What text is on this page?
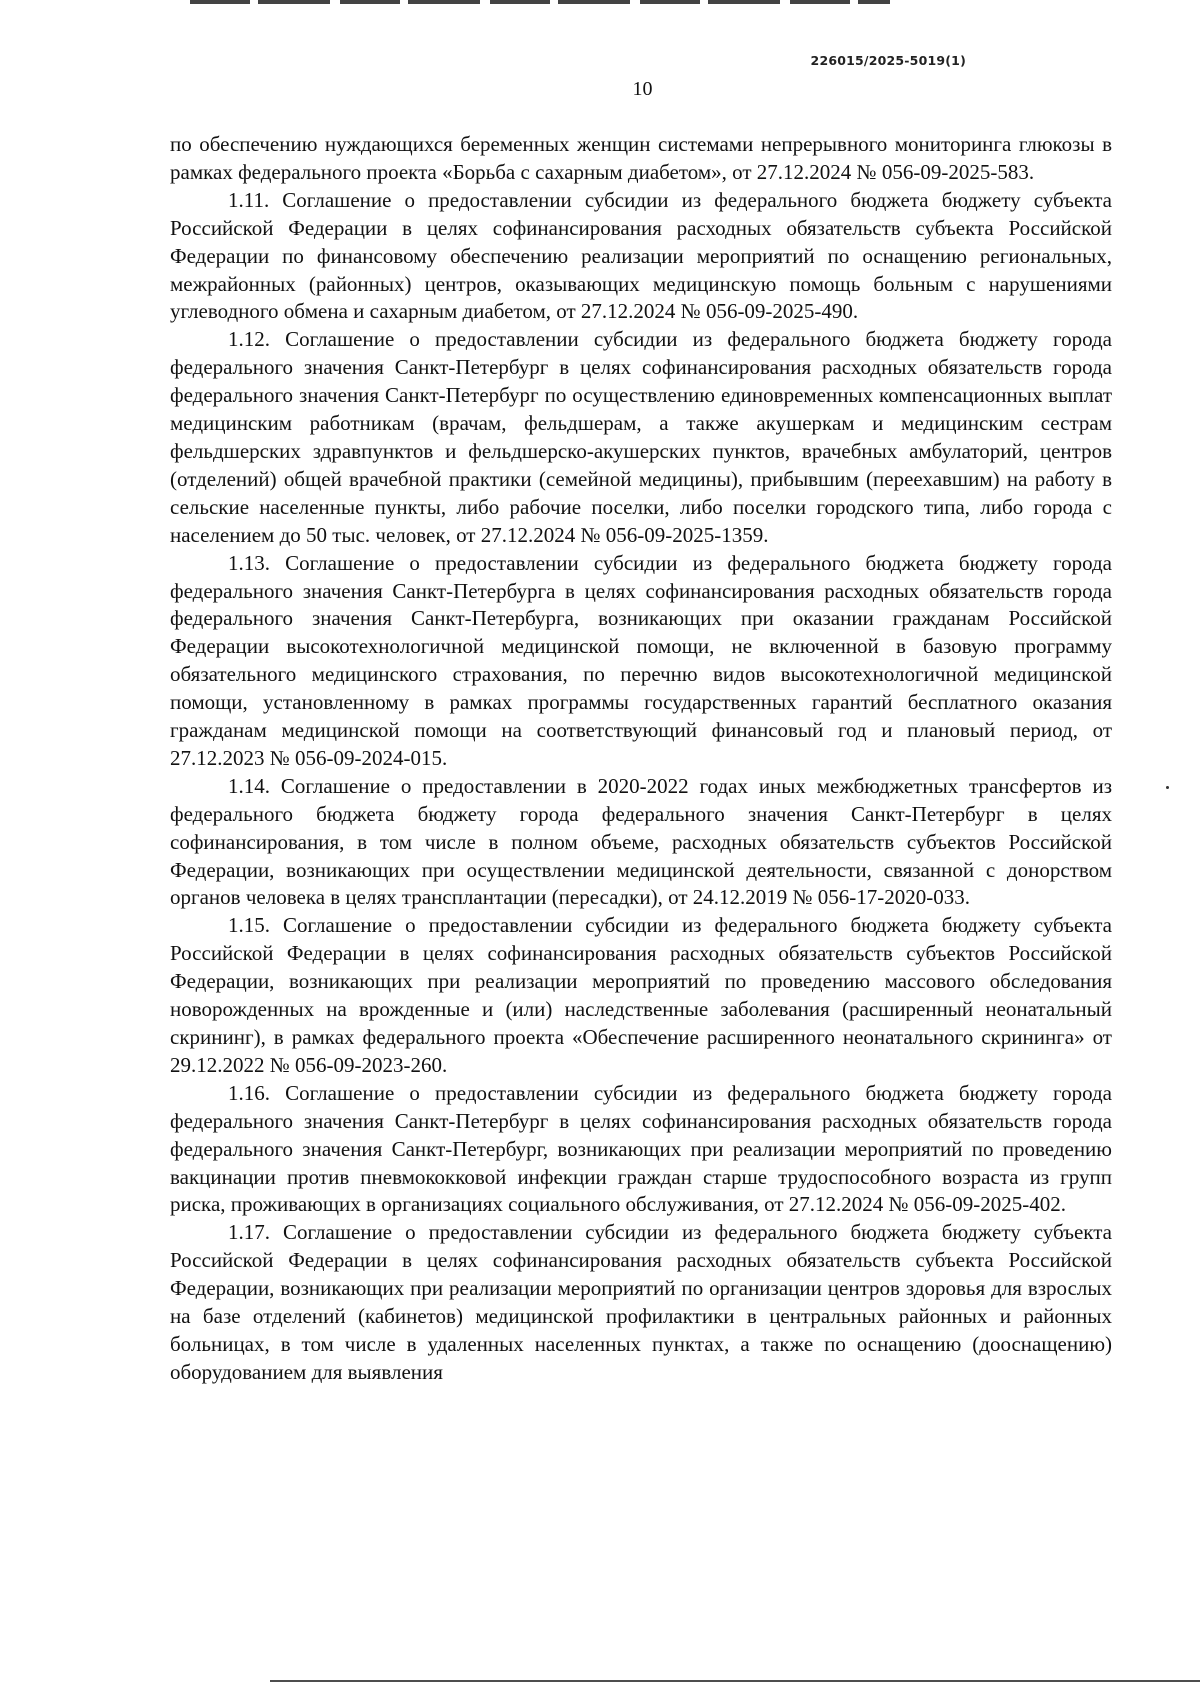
226015/2025-5019(1)
10

по обеспечению нуждающихся беременных женщин системами непрерывного мониторинга глюкозы в рамках федерального проекта «Борьба с сахарным диабетом», от 27.12.2024 № 056-09-2025-583.

1.11. Соглашение о предоставлении субсидии из федерального бюджета бюджету субъекта Российской Федерации в целях софинансирования расходных обязательств субъекта Российской Федерации по финансовому обеспечению реализации мероприятий по оснащению региональных, межрайонных (районных) центров, оказывающих медицинскую помощь больным с нарушениями углеводного обмена и сахарным диабетом, от 27.12.2024 № 056-09-2025-490.

1.12. Соглашение о предоставлении субсидии из федерального бюджета бюджету города федерального значения Санкт-Петербург в целях софинансирования расходных обязательств города федерального значения Санкт-Петербург по осуществлению единовременных компенсационных выплат медицинским работникам (врачам, фельдшерам, а также акушеркам и медицинским сестрам фельдшерских здравпунктов и фельдшерско-акушерских пунктов, врачебных амбулаторий, центров (отделений) общей врачебной практики (семейной медицины), прибывшим (переехавшим) на работу в сельские населенные пункты, либо рабочие поселки, либо поселки городского типа, либо города с населением до 50 тыс. человек, от 27.12.2024 № 056-09-2025-1359.

1.13. Соглашение о предоставлении субсидии из федерального бюджета бюджету города федерального значения Санкт-Петербурга в целях софинансирования расходных обязательств города федерального значения Санкт-Петербурга, возникающих при оказании гражданам Российской Федерации высокотехнологичной медицинской помощи, не включенной в базовую программу обязательного медицинского страхования, по перечню видов высокотехнологичной медицинской помощи, установленному в рамках программы государственных гарантий бесплатного оказания гражданам медицинской помощи на соответствующий финансовый год и плановый период, от 27.12.2023 № 056-09-2024-015.

1.14. Соглашение о предоставлении в 2020-2022 годах иных межбюджетных трансфертов из федерального бюджета бюджету города федерального значения Санкт-Петербург в целях софинансирования, в том числе в полном объеме, расходных обязательств субъектов Российской Федерации, возникающих при осуществлении медицинской деятельности, связанной с донорством органов человека в целях трансплантации (пересадки), от 24.12.2019 № 056-17-2020-033.

1.15. Соглашение о предоставлении субсидии из федерального бюджета бюджету субъекта Российской Федерации в целях софинансирования расходных обязательств субъектов Российской Федерации, возникающих при реализации мероприятий по проведению массового обследования новорожденных на врожденные и (или) наследственные заболевания (расширенный неонатальный скрининг), в рамках федерального проекта «Обеспечение расширенного неонатального скрининга» от 29.12.2022 № 056-09-2023-260.

1.16. Соглашение о предоставлении субсидии из федерального бюджета бюджету города федерального значения Санкт-Петербург в целях софинансирования расходных обязательств города федерального значения Санкт-Петербург, возникающих при реализации мероприятий по проведению вакцинации против пневмококковой инфекции граждан старше трудоспособного возраста из групп риска, проживающих в организациях социального обслуживания, от 27.12.2024 № 056-09-2025-402.

1.17. Соглашение о предоставлении субсидии из федерального бюджета бюджету субъекта Российской Федерации в целях софинансирования расходных обязательств субъекта Российской Федерации, возникающих при реализации мероприятий по организации центров здоровья для взрослых на базе отделений (кабинетов) медицинской профилактики в центральных районных и районных больницах, в том числе в удаленных населенных пунктах, а также по оснащению (дооснащению) оборудованием для выявления
